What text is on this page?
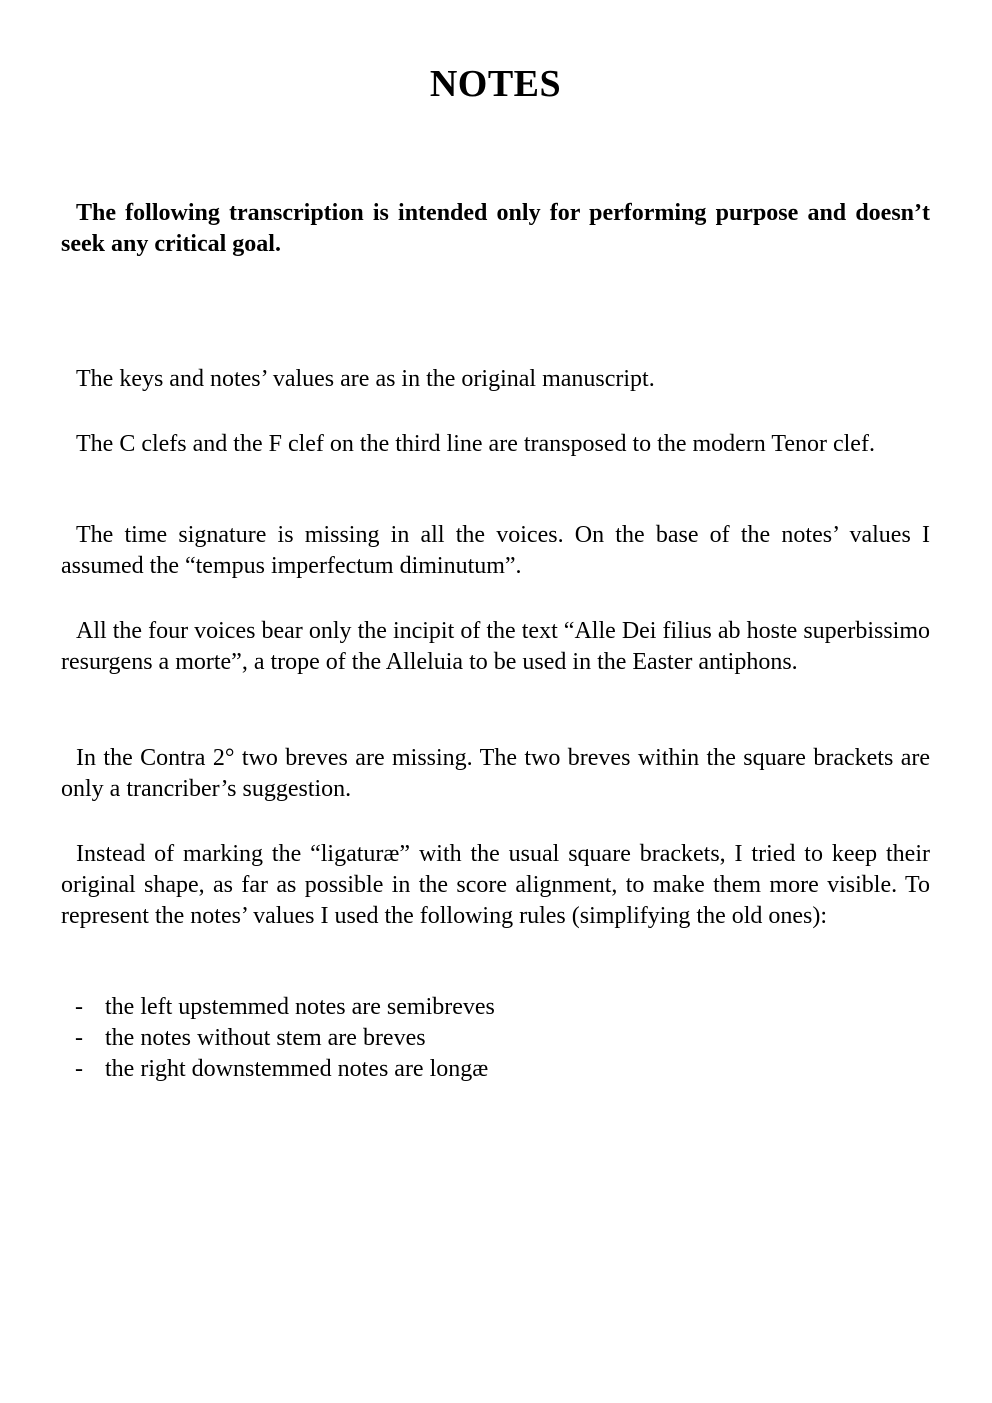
NOTES

The following transcription is intended only for performing purpose and doesn’t seek any critical goal.

The keys and notes’ values are as in the original manuscript.

The C clefs and the F clef on the third line are transposed to the modern Tenor clef.

The time signature is missing in all the voices. On the base of the notes’ values I assumed the “tempus imperfectum diminutum”.

All the four voices bear only the incipit of the text “Alle Dei filius ab hoste superbissimo resurgens a morte”, a trope of the Alleluia to be used in the Easter antiphons.

In the Contra 2° two breves are missing. The two breves within the square brackets are only a trancriber’s suggestion.

Instead of marking the “ligaturæ” with the usual square brackets, I tried to keep their original shape, as far as possible in the score alignment, to make them more visible. To represent the notes’ values I used the following rules (simplifying the old ones):

- the left upstemmed notes are semibreves
- the notes without stem are breves
- the right downstemmed notes are longæ
